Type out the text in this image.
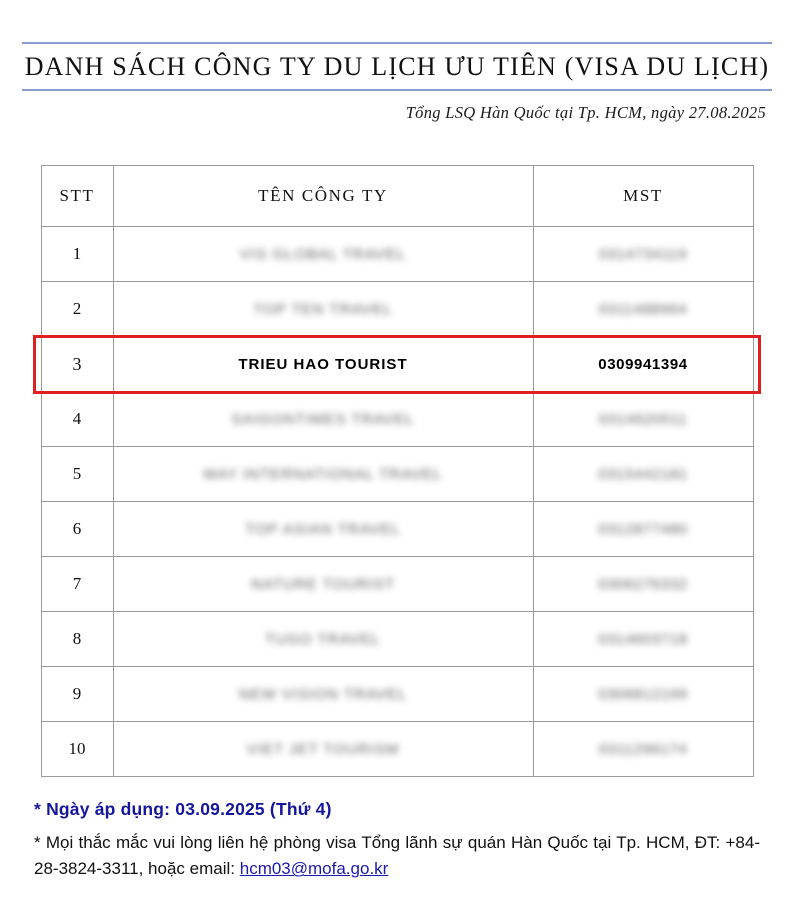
DANH SÁCH CÔNG TY DU LỊCH ƯU TIÊN (VISA DU LỊCH)
Tổng LSQ Hàn Quốc tại Tp. HCM, ngày 27.08.2025
STT	TÊN CÔNG TY	MST
1	VIS GLOBAL TRAVEL	0314734119
2	TOP TEN TRAVEL	0311488964
3	TRIEU HAO TOURIST	0309941394
4	SAIGONTIMES TRAVEL	0314620511
5	MAY INTERNATIONAL TRAVEL	0315442181
6	TOP ASIAN TRAVEL	0312877480
7	NATURE TOURIST	0306276332
8	TUGO TRAVEL	0314603718
9	NEW VISION TRAVEL	0306812199
10	VIET JET TOURISM	0311296174
* Ngày áp dụng: 03.09.2025 (Thứ 4)
* Mọi thắc mắc vui lòng liên hệ phòng visa Tổng lãnh sự quán Hàn Quốc tại Tp. HCM, ĐT: +84-28-3824-3311, hoặc email: hcm03@mofa.go.kr
